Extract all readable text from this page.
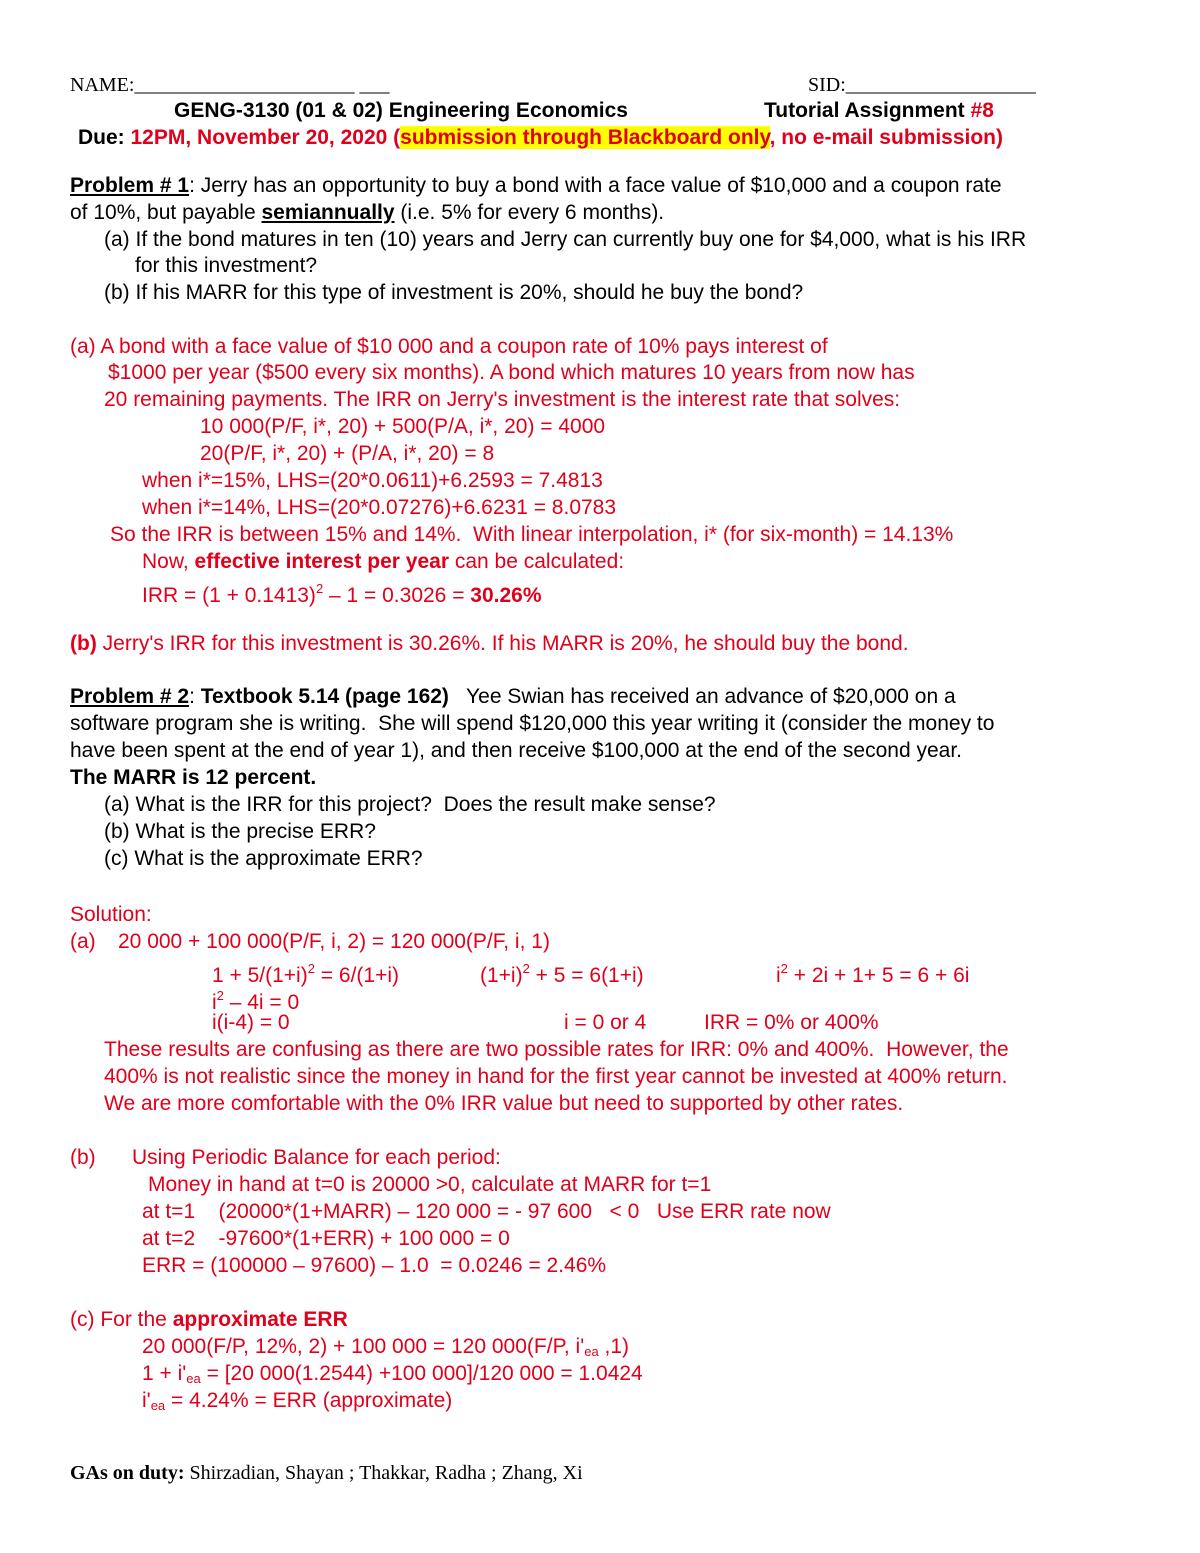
NAME:______________________ ___	SID:___________________
GENG-3130 (01 & 02) Engineering Economics	Tutorial Assignment #8
Due: 12PM, November 20, 2020 (submission through Blackboard only, no e-mail submission)
Problem # 1: Jerry has an opportunity to buy a bond with a face value of $10,000 and a coupon rate
of 10%, but payable semiannually (i.e. 5% for every 6 months).
(a) If the bond matures in ten (10) years and Jerry can currently buy one for $4,000, what is his IRR
for this investment?
(b) If his MARR for this type of investment is 20%, should he buy the bond?
(a) A bond with a face value of $10 000 and a coupon rate of 10% pays interest of
$1000 per year ($500 every six months). A bond which matures 10 years from now has
20 remaining payments. The IRR on Jerry's investment is the interest rate that solves:
10 000(P/F, i*, 20) + 500(P/A, i*, 20) = 4000
20(P/F, i*, 20) + (P/A, i*, 20) = 8
when i*=15%, LHS=(20*0.0611)+6.2593 = 7.4813
when i*=14%, LHS=(20*0.07276)+6.6231 = 8.0783
So the IRR is between 15% and 14%.  With linear interpolation, i* (for six-month) = 14.13%
Now, effective interest per year can be calculated:
IRR = $(1 + 0.1413)^2 - 1 = 0.3026 = 30.26\%$
(b) Jerry's IRR for this investment is 30.26%. If his MARR is 20%, he should buy the bond.
Problem # 2: Textbook 5.14 (page 162)   Yee Swian has received an advance of $20,000 on a
software program she is writing.  She will spend $120,000 this year writing it (consider the money to
have been spent at the end of year 1), and then receive $100,000 at the end of the second year.
The MARR is 12 percent.
(a) What is the IRR for this project?  Does the result make sense?
(b) What is the precise ERR?
(c) What is the approximate ERR?
Solution:
(a) 20 000 + 100 000(P/F, i, 2) = 120 000(P/F, i, 1)
$1 + 5/(1+i)^2 = 6/(1+i)$	$(1+i)^2 + 5 = 6(1+i)$	$i^2 + 2i + 1+ 5 = 6 + 6i$
$i^2 - 4i = 0$
i(i-4) = 0	i = 0 or 4	IRR = 0% or 400%
These results are confusing as there are two possible rates for IRR: 0% and 400%.  However, the
400% is not realistic since the money in hand for the first year cannot be invested at 400% return.
We are more comfortable with the 0% IRR value but need to supported by other rates.
(b) Using Periodic Balance for each period:
Money in hand at t=0 is 20000 >0, calculate at MARR for t=1
at t=1    (20000*(1+MARR) – 120 000 = - 97 600   < 0   Use ERR rate now
at t=2    -97600*(1+ERR) + 100 000 = 0
ERR = (100000 – 97600) – 1.0  = 0.0246 = 2.46%
(c) For the approximate ERR
20 000(F/P, 12%, 2) + 100 000 = 120 000(F/P, $i'_{ea}$ ,1)
$1 + i'_{ea} = [20$ 000(1.2544) +100 000]/120 000 = 1.0424
$i'_{ea} = 4.24\%$ = ERR (approximate)
GAs on duty: Shirzadian, Shayan ; Thakkar, Radha ; Zhang, Xi
